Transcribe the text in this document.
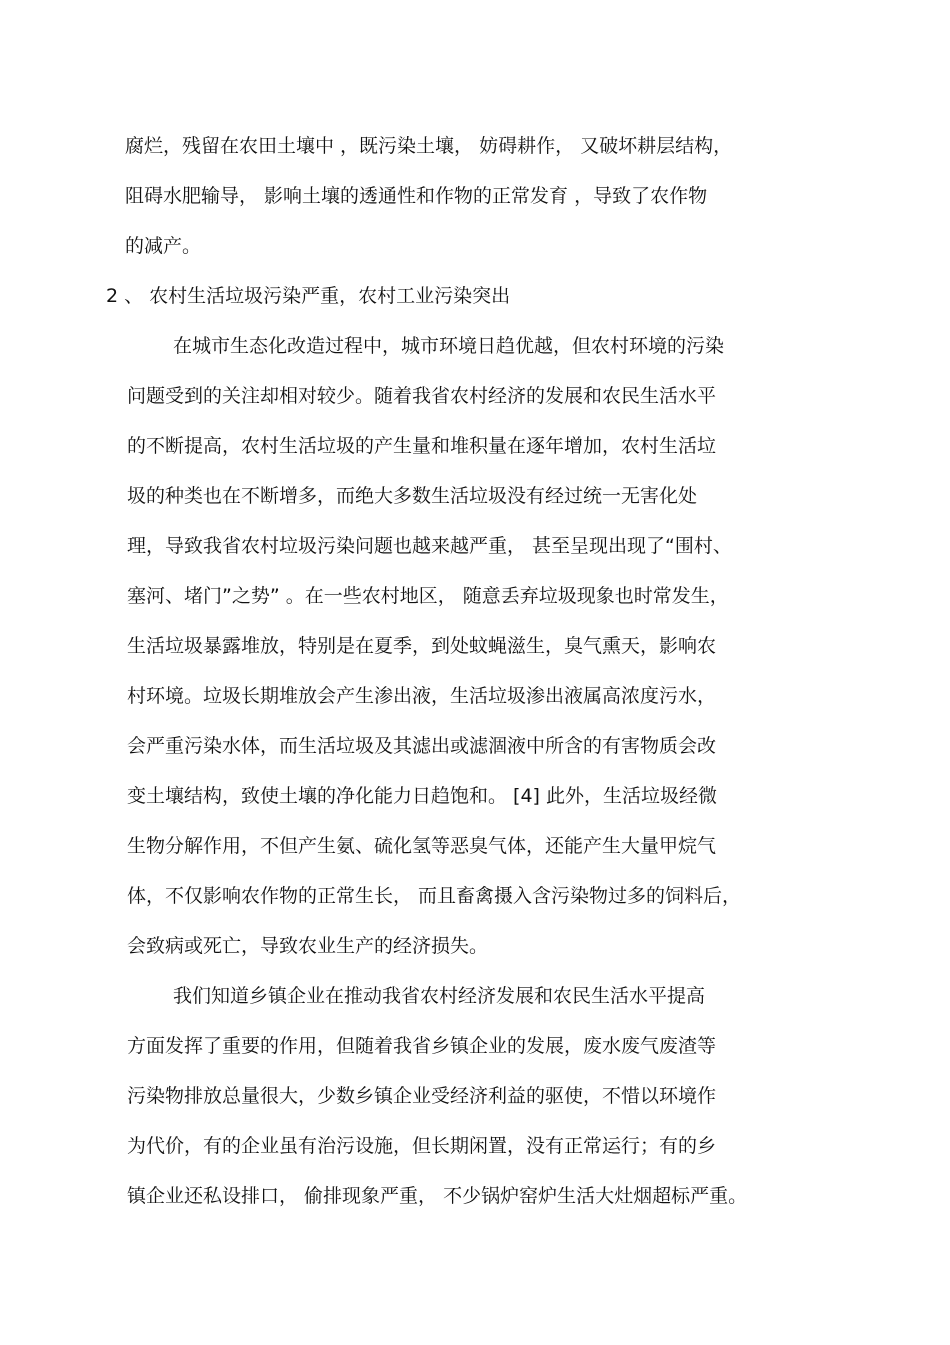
腐烂，残留在农田土壤中 ，既污染土壤， 妨碍耕作， 又破坏耕层结构，
阻碍水肥输导， 影响土壤的透通性和作物的正常发育 ，导致了农作物
的减产。
2 、 农村生活垃圾污染严重，农村工业污染突出
在城市生态化改造过程中，城市环境日趋优越，但农村环境的污染
问题受到的关注却相对较少。随着我省农村经济的发展和农民生活水平
的不断提高，农村生活垃圾的产生量和堆积量在逐年增加，农村生活垃
圾的种类也在不断增多，而绝大多数生活垃圾没有经过统一无害化处
理，导致我省农村垃圾污染问题也越来越严重， 甚至呈现出现了“围村、
塞河、堵门”之势” 。在一些农村地区， 随意丢弃垃圾现象也时常发生，
生活垃圾暴露堆放，特别是在夏季，到处蚊蝇滋生，臭气熏天，影响农
村环境。垃圾长期堆放会产生渗出液，生活垃圾渗出液属高浓度污水，
会严重污染水体，而生活垃圾及其滤出或滤涸液中所含的有害物质会改
变土壤结构，致使土壤的净化能力日趋饱和。 [4] 此外，生活垃圾经微
生物分解作用，不但产生氨、硫化氢等恶臭气体，还能产生大量甲烷气
体，不仅影响农作物的正常生长， 而且畜禽摄入含污染物过多的饲料后，
会致病或死亡，导致农业生产的经济损失。
我们知道乡镇企业在推动我省农村经济发展和农民生活水平提高
方面发挥了重要的作用，但随着我省乡镇企业的发展，废水废气废渣等
污染物排放总量很大，少数乡镇企业受经济利益的驱使，不惜以环境作
为代价，有的企业虽有治污设施，但长期闲置，没有正常运行；有的乡
镇企业还私设排口， 偷排现象严重， 不少锅炉窑炉生活大灶烟超标严重。
